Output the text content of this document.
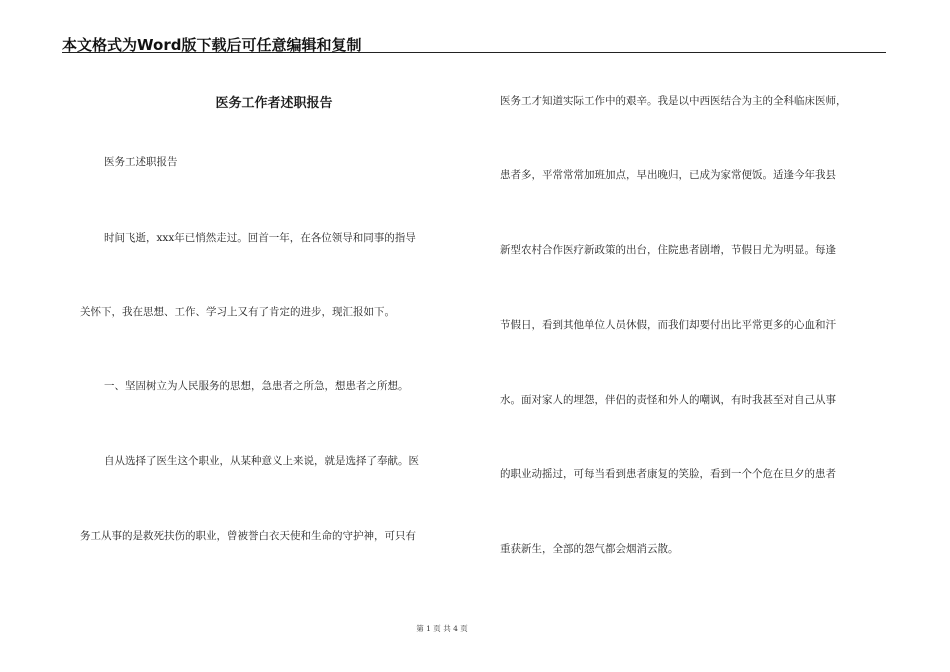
本文格式为Word版下载后可任意编辑和复制
医务工作者述职报告
医务工述职报告
时间飞逝，xxx年已悄然走过。回首一年，在各位领导和同事的指导
关怀下，我在思想、工作、学习上又有了肯定的进步，现汇报如下。
一、坚固树立为人民服务的思想，急患者之所急，想患者之所想。
自从选择了医生这个职业，从某种意义上来说，就是选择了奉献。医
务工从事的是救死扶伤的职业，曾被誉白衣天使和生命的守护神，可只有
医务工才知道实际工作中的艰辛。我是以中西医结合为主的全科临床医师，
患者多，平常常常加班加点，早出晚归，已成为家常便饭。适逢今年我县
新型农村合作医疗新政策的出台，住院患者剧增，节假日尤为明显。每逢
节假日，看到其他单位人员休假，而我们却要付出比平常更多的心血和汗
水。面对家人的埋怨，伴侣的责怪和外人的嘲讽，有时我甚至对自己从事
的职业动摇过，可每当看到患者康复的笑脸，看到一个个危在旦夕的患者
重获新生，全部的怨气都会烟消云散。
第 1 页 共 4 页
